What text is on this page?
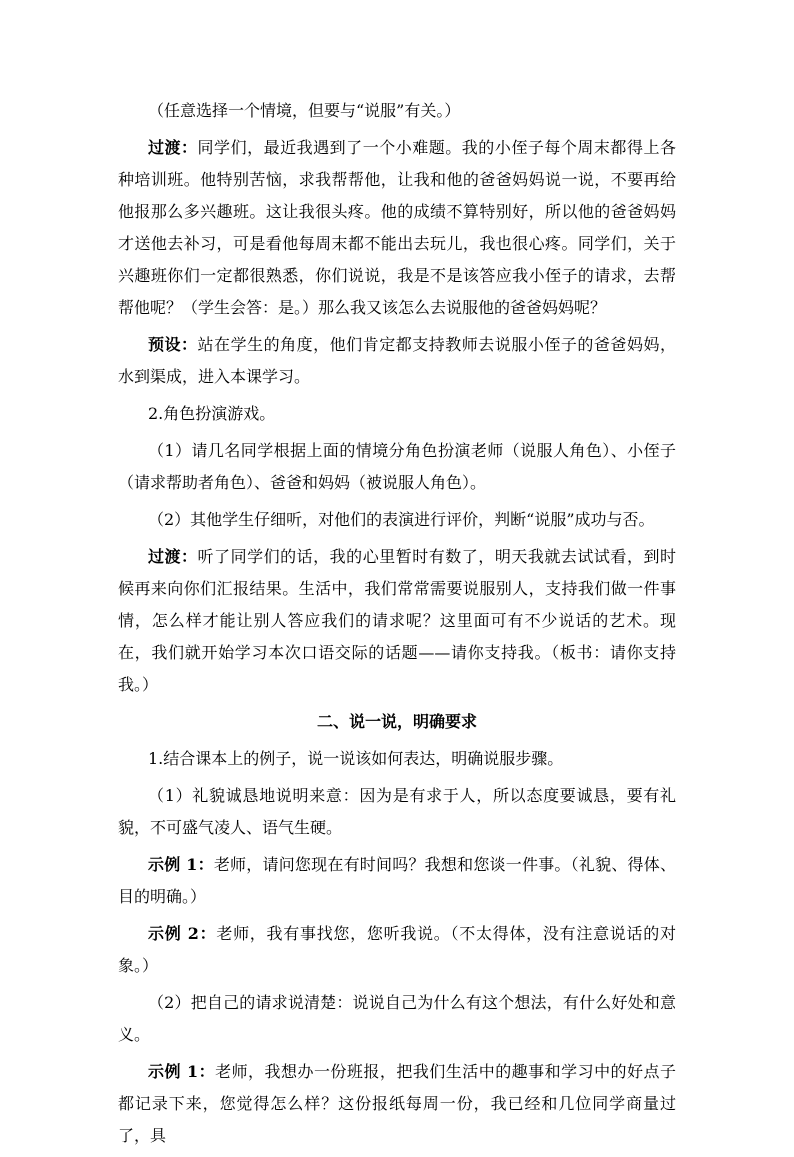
（任意选择一个情境，但要与“说服”有关。）

过渡：同学们，最近我遇到了一个小难题。我的小侄子每个周末都得上各种培训班。他特别苦恼，求我帮帮他，让我和他的爸爸妈妈说一说，不要再给他报那么多兴趣班。这让我很头疼。他的成绩不算特别好，所以他的爸爸妈妈才送他去补习，可是看他每周末都不能出去玩儿，我也很心疼。同学们，关于兴趣班你们一定都很熟悉，你们说说，我是不是该答应我小侄子的请求，去帮帮他呢？（学生会答：是。）那么我又该怎么去说服他的爸爸妈妈呢？

预设：站在学生的角度，他们肯定都支持教师去说服小侄子的爸爸妈妈，水到渠成，进入本课学习。

2.角色扮演游戏。

（1）请几名同学根据上面的情境分角色扮演老师（说服人角色）、小侄子（请求帮助者角色）、爸爸和妈妈（被说服人角色）。

（2）其他学生仔细听，对他们的表演进行评价，判断“说服”成功与否。

过渡：听了同学们的话，我的心里暂时有数了，明天我就去试试看，到时候再来向你们汇报结果。生活中，我们常常需要说服别人，支持我们做一件事情，怎么样才能让别人答应我们的请求呢？这里面可有不少说话的艺术。现在，我们就开始学习本次口语交际的话题——请你支持我。（板书：请你支持我。）

二、说一说，明确要求

1.结合课本上的例子，说一说该如何表达，明确说服步骤。

（1）礼貌诚恳地说明来意：因为是有求于人，所以态度要诚恳，要有礼貌，不可盛气凌人、语气生硬。

示例 1：老师，请问您现在有时间吗？我想和您谈一件事。（礼貌、得体、目的明确。）

示例 2：老师，我有事找您，您听我说。（不太得体，没有注意说话的对象。）

（2）把自己的请求说清楚：说说自己为什么有这个想法，有什么好处和意义。

示例 1：老师，我想办一份班报，把我们生活中的趣事和学习中的好点子都记录下来，您觉得怎么样？这份报纸每周一份，我已经和几位同学商量过了，具
